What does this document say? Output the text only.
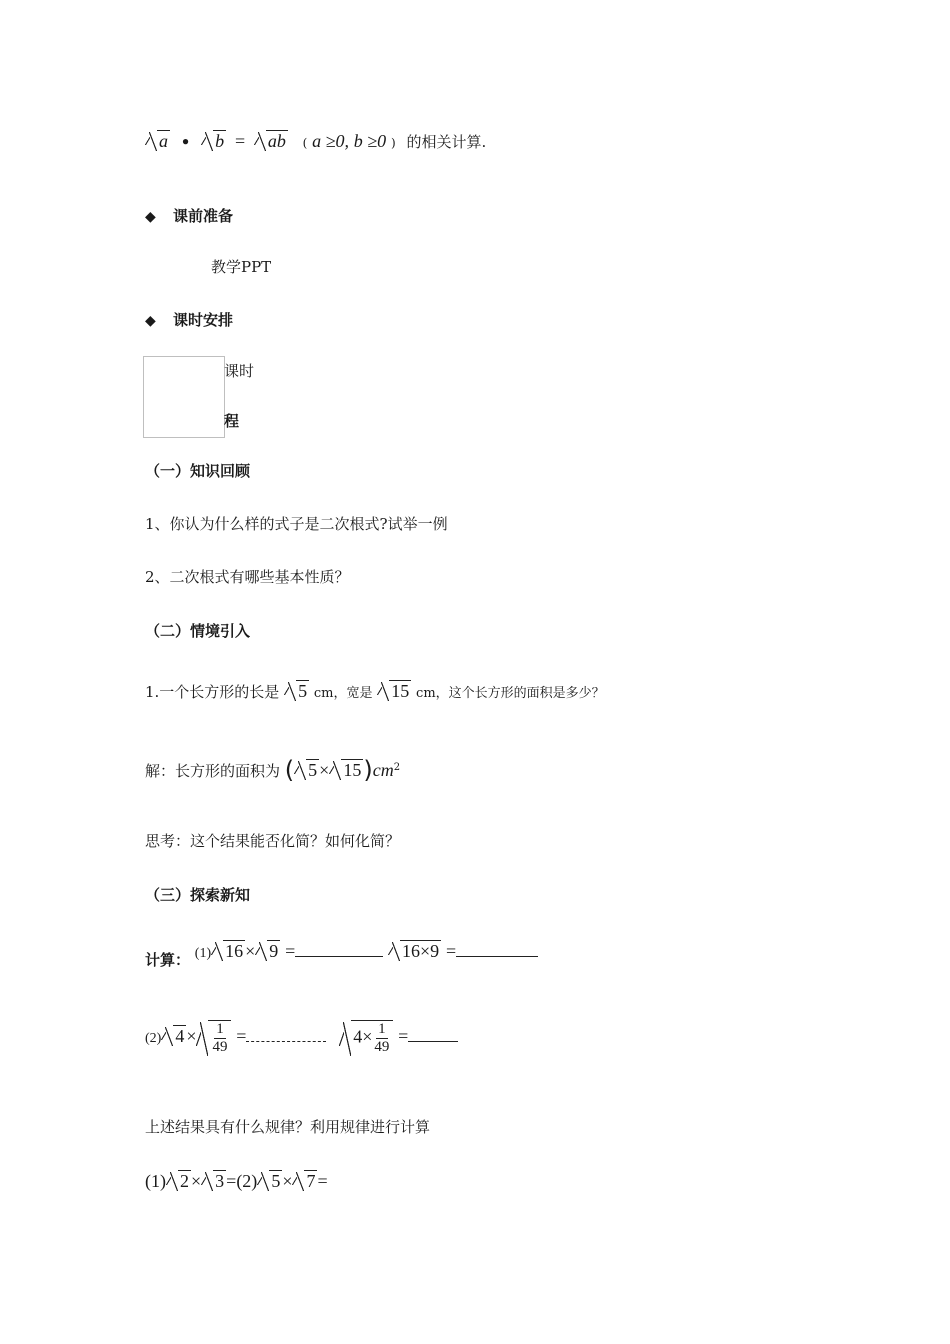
a • b = ab ( a ≥0, b ≥0 ) 的相关计算.
◆ 课前准备
教学PPT
◆ 课时安排
课时
程
（一）知识回顾
1、你认为什么样的式子是二次根式?试举一例
2、二次根式有哪些基本性质？
（二）情境引入
1.一个长方形的长是 5 cm，宽是 15 cm，这个长方形的面积是多少？
解：长方形的面积为 ( $5 \times 15)cm^2$
思考：这个结果能否化简？如何化简？
（三）探索新知
计算： (1) 16 × 9 =	16×9 =
(2) $4 \times \frac{1}{49}$ =	$4\times \frac{1}{49}$ =
上述结果具有什么规律？利用规律进行计算
(1) 2 × 3 =(2) 5 × 7 =
